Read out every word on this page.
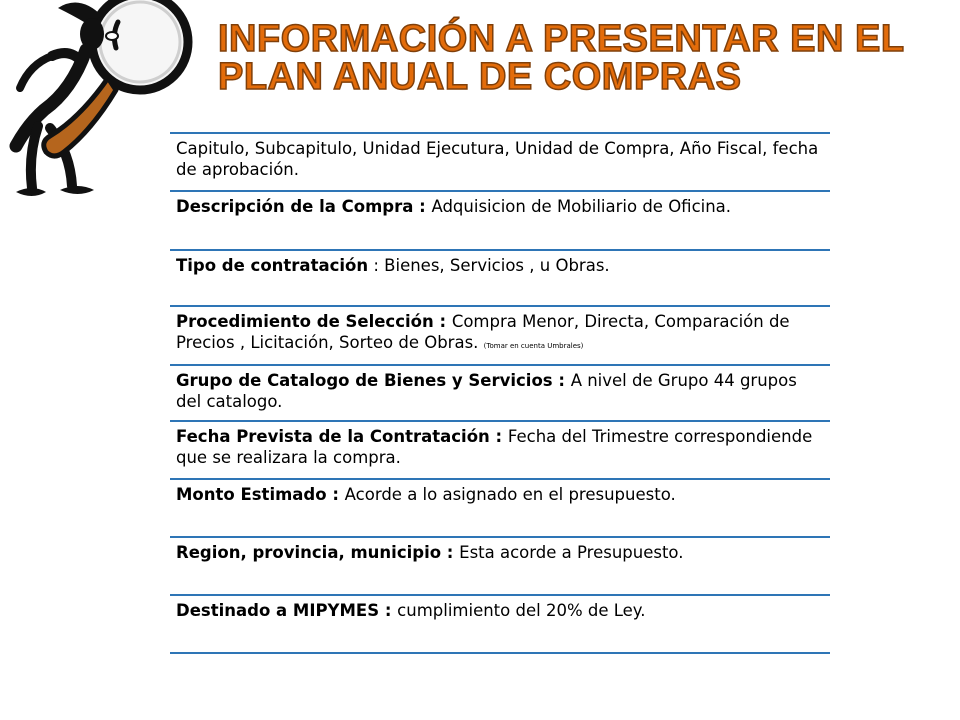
INFORMACIÓN A PRESENTAR EN EL
PLAN ANUAL DE COMPRAS
Capitulo, Subcapitulo, Unidad Ejecutura, Unidad de Compra, Año Fiscal, fecha de aprobación.
Descripción de la Compra : Adquisicion de Mobiliario de Oficina.
Tipo de contratación : Bienes, Servicios , u Obras.
Procedimiento de Selección : Compra Menor, Directa, Comparación de Precios , Licitación, Sorteo de Obras. (Tomar en cuenta Umbrales)
Grupo de Catalogo de Bienes y Servicios : A nivel de Grupo 44 grupos del catalogo.
Fecha Prevista de la Contratación : Fecha del Trimestre correspondiende que se realizara la compra.
Monto Estimado : Acorde a lo asignado en el presupuesto.
Region, provincia, municipio : Esta acorde a Presupuesto.
Destinado a MIPYMES : cumplimiento del 20% de Ley.
